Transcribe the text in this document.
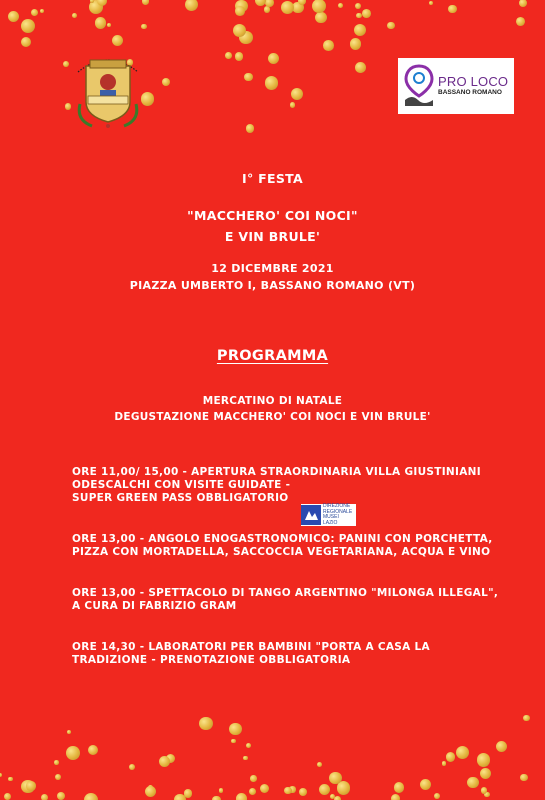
PRO LOCO
BASSANO ROMANO
I° FESTA
"MACCHERO' COI NOCI"
E VIN BRULE'
12 DICEMBRE 2021
PIAZZA UMBERTO I, BASSANO ROMANO (VT)
PROGRAMMA
MERCATINO DI NATALE
DEGUSTAZIONE MACCHERO' COI NOCI E VIN BRULE'
ORE 11,00/ 15,00 - APERTURA STRAORDINARIA VILLA GIUSTINIANI
ODESCALCHI CON VISITE GUIDATE -
SUPER GREEN PASS OBBLIGATORIO
DIREZIONE
REGIONALE
MUSEI
LAZIO
ORE 13,00 - ANGOLO ENOGASTRONOMICO: PANINI CON PORCHETTA,
PIZZA CON MORTADELLA, SACCOCCIA VEGETARIANA, ACQUA E VINO
ORE 13,00 - SPETTACOLO DI TANGO ARGENTINO "MILONGA ILLEGAL",
A CURA DI FABRIZIO GRAM
ORE 14,30 - LABORATORI PER BAMBINI "PORTA A CASA LA
TRADIZIONE - PRENOTAZIONE OBBLIGATORIA
